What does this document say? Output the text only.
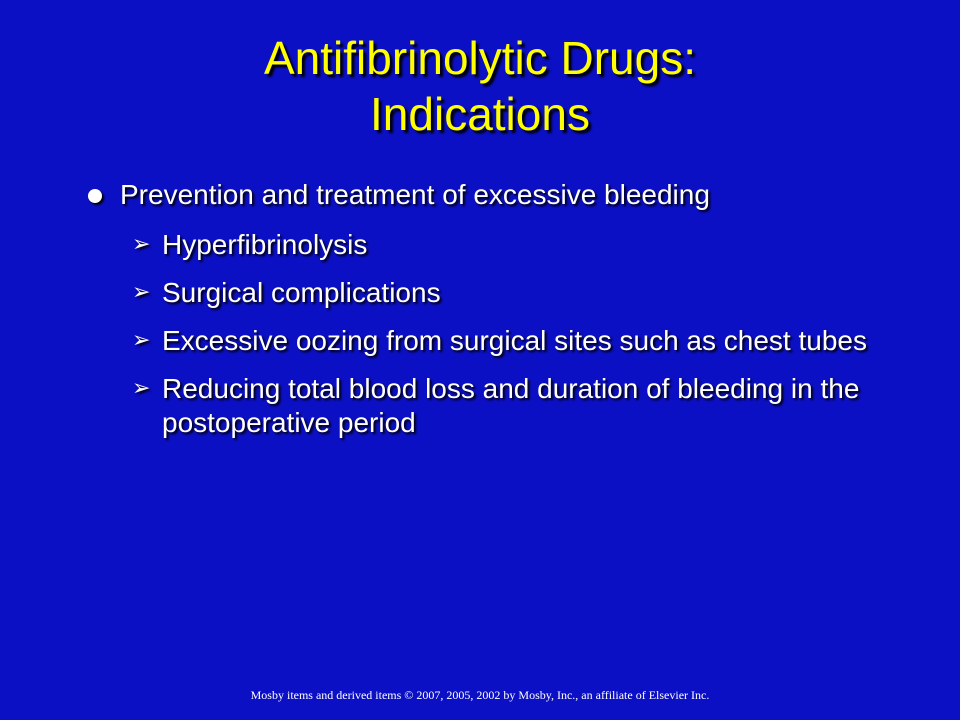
Antifibrinolytic Drugs:
Indications
Prevention and treatment of excessive bleeding
➢ Hyperfibrinolysis
➢ Surgical complications
➢ Excessive oozing from surgical sites such as chest tubes
➢ Reducing total blood loss and duration of bleeding in the postoperative period
Mosby items and derived items © 2007, 2005, 2002 by Mosby, Inc., an affiliate of Elsevier Inc.
